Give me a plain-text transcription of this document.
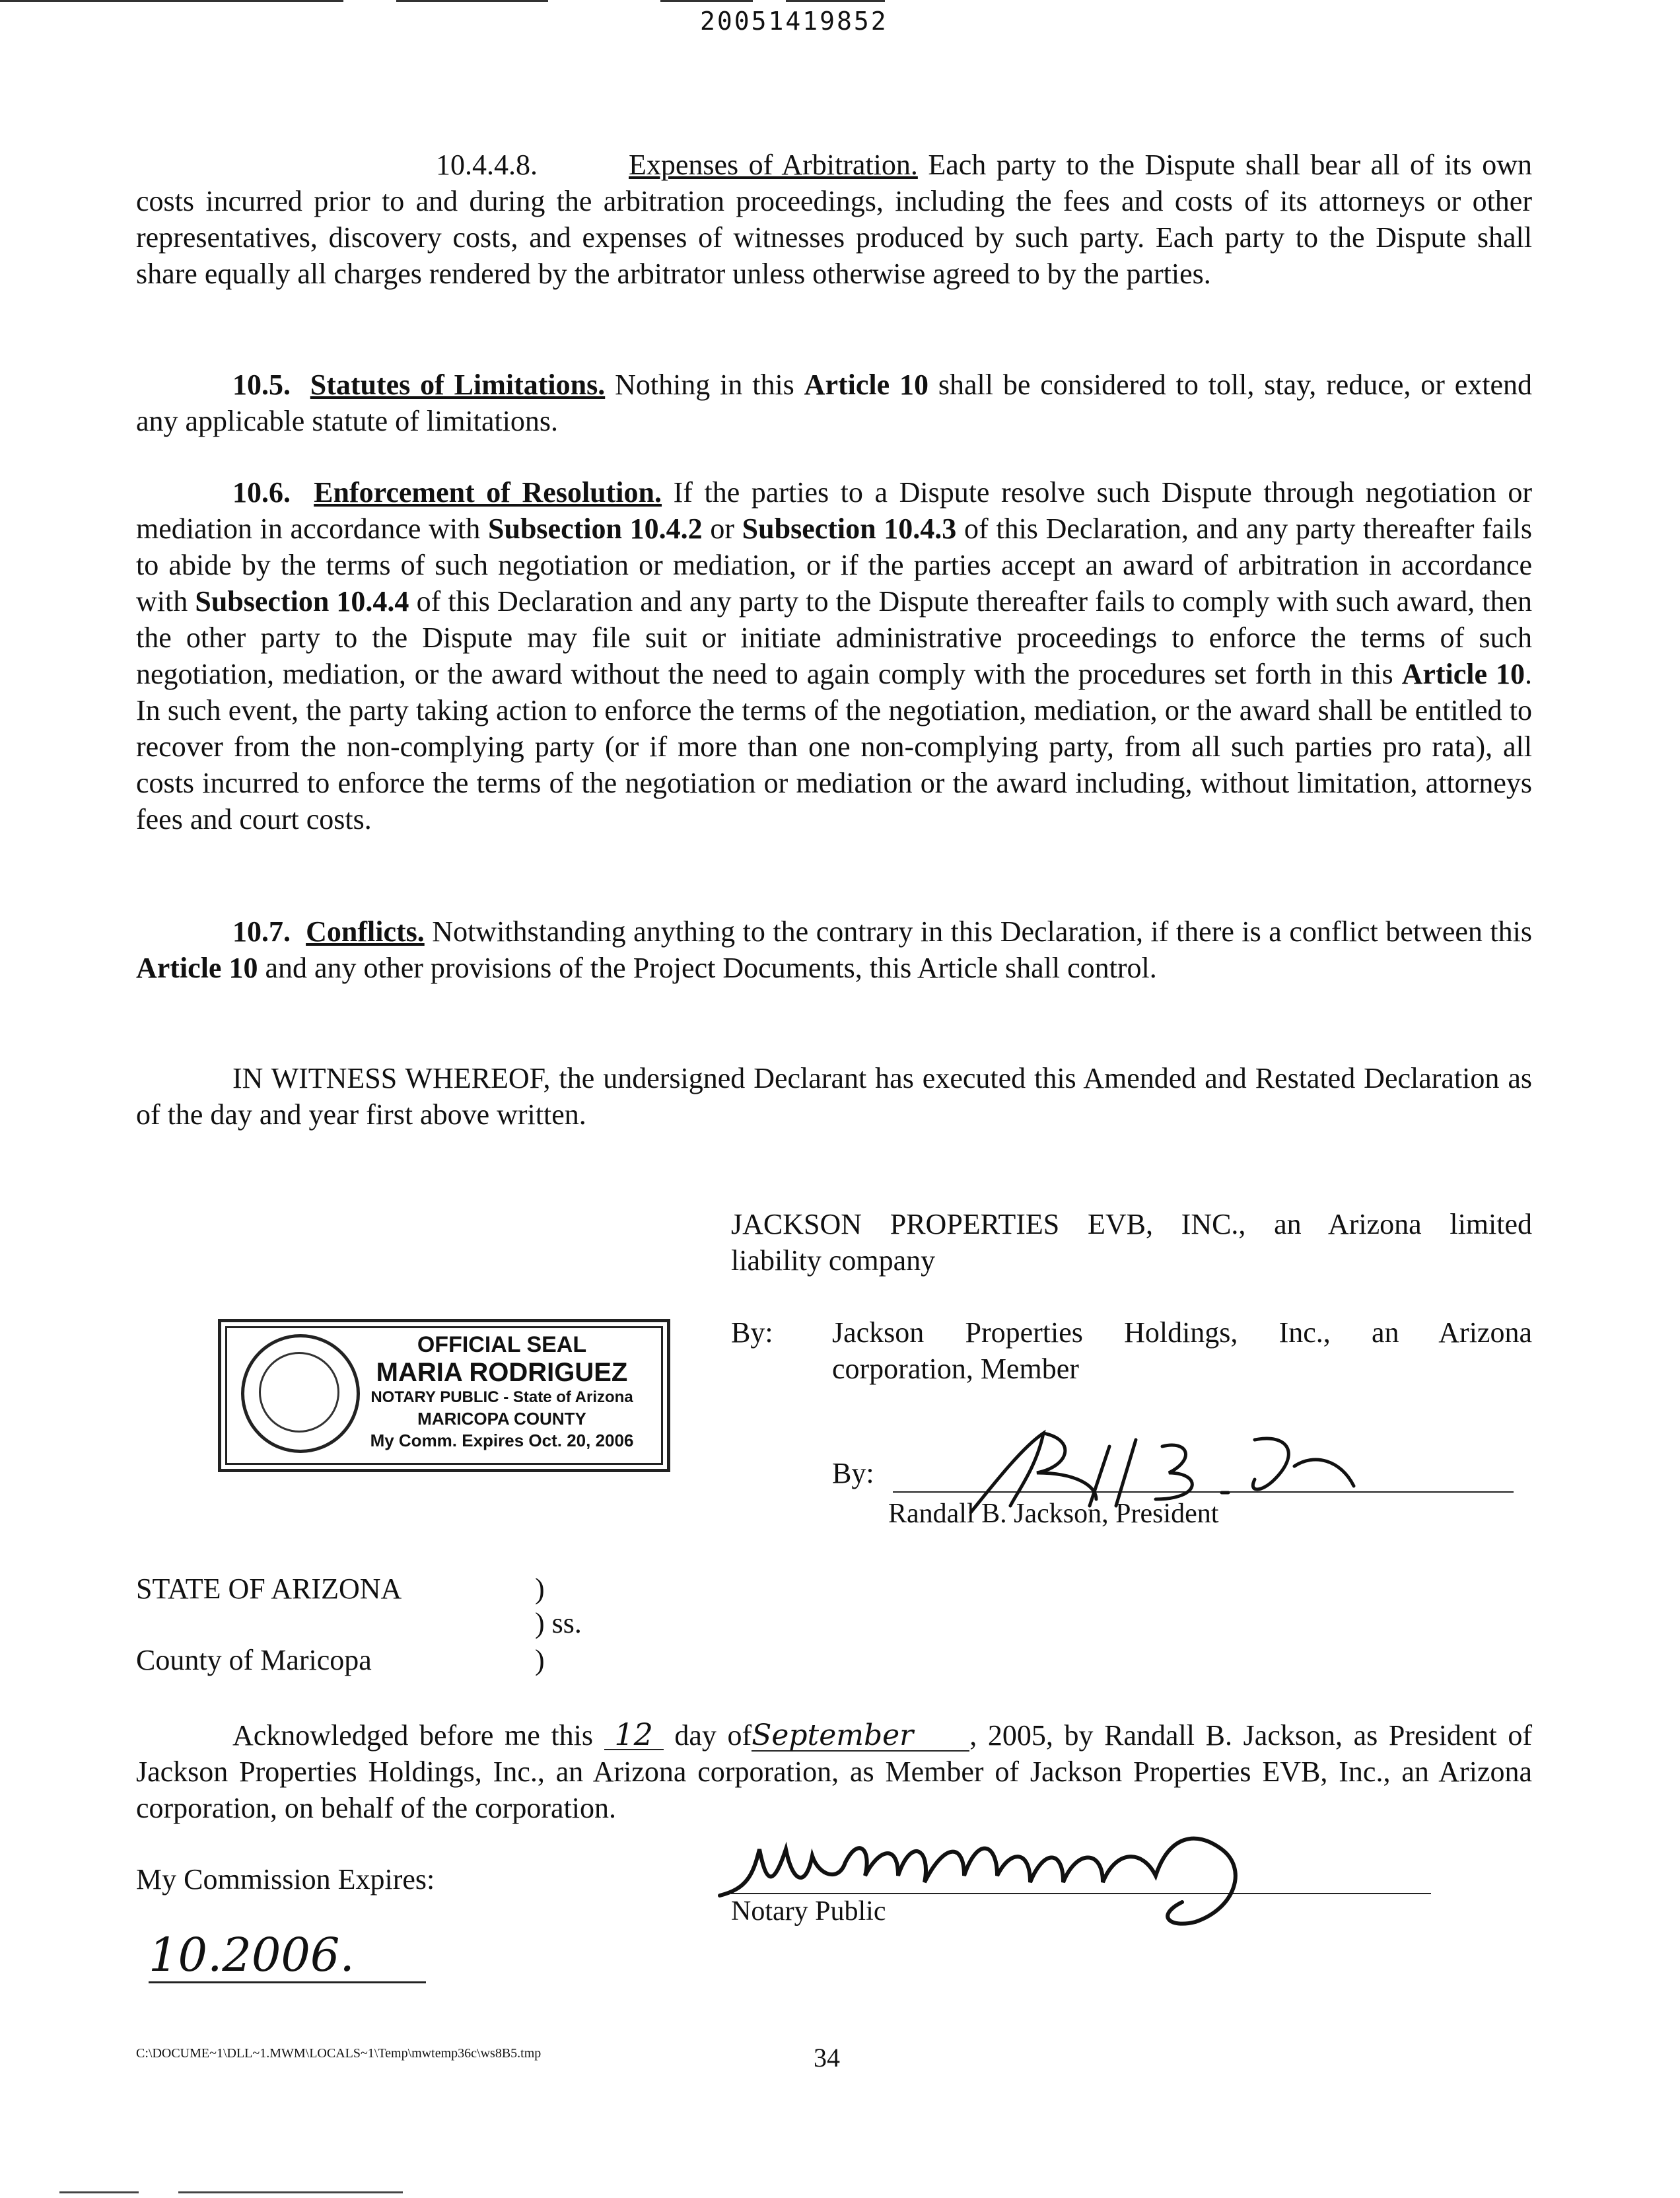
20051419852
10.4.4.8.	Expenses of Arbitration. Each party to the Dispute shall bear all of its own costs incurred prior to and during the arbitration proceedings, including the fees and costs of its attorneys or other representatives, discovery costs, and expenses of witnesses produced by such party. Each party to the Dispute shall share equally all charges rendered by the arbitrator unless otherwise agreed to by the parties.
10.5. Statutes of Limitations. Nothing in this Article 10 shall be considered to toll, stay, reduce, or extend any applicable statute of limitations.
10.6. Enforcement of Resolution. If the parties to a Dispute resolve such Dispute through negotiation or mediation in accordance with Subsection 10.4.2 or Subsection 10.4.3 of this Declaration, and any party thereafter fails to abide by the terms of such negotiation or mediation, or if the parties accept an award of arbitration in accordance with Subsection 10.4.4 of this Declaration and any party to the Dispute thereafter fails to comply with such award, then the other party to the Dispute may file suit or initiate administrative proceedings to enforce the terms of such negotiation, mediation, or the award without the need to again comply with the procedures set forth in this Article 10. In such event, the party taking action to enforce the terms of the negotiation, mediation, or the award shall be entitled to recover from the non-complying party (or if more than one non-complying party, from all such parties pro rata), all costs incurred to enforce the terms of the negotiation or mediation or the award including, without limitation, attorneys fees and court costs.
10.7. Conflicts. Notwithstanding anything to the contrary in this Declaration, if there is a conflict between this Article 10 and any other provisions of the Project Documents, this Article shall control.
IN WITNESS WHEREOF, the undersigned Declarant has executed this Amended and Restated Declaration as of the day and year first above written.
JACKSON PROPERTIES EVB, INC., an Arizona limited
liability company
By: Jackson Properties Holdings, Inc., an Arizona
corporation, Member
By:	Randall B. Jackson
Randall B. Jackson, President
OFFICIAL SEAL
MARIA RODRIGUEZ
NOTARY PUBLIC - State of Arizona
MARICOPA COUNTY
My Comm. Expires Oct. 20, 2006
STATE OF ARIZONA	)
) ss.
County of Maricopa	)
Acknowledged before me this 12 day ofSeptember , 2005, by Randall B. Jackson, as President of Jackson Properties Holdings, Inc., an Arizona corporation, as Member of Jackson Properties EVB, Inc., an Arizona corporation, on behalf of the corporation.
My Commission Expires:
10.2006.
Maria Rodriguez
Notary Public
C:\DOCUME~1\DLL~1.MWM\LOCALS~1\Temp\mwtemp36c\ws8B5.tmp	34
